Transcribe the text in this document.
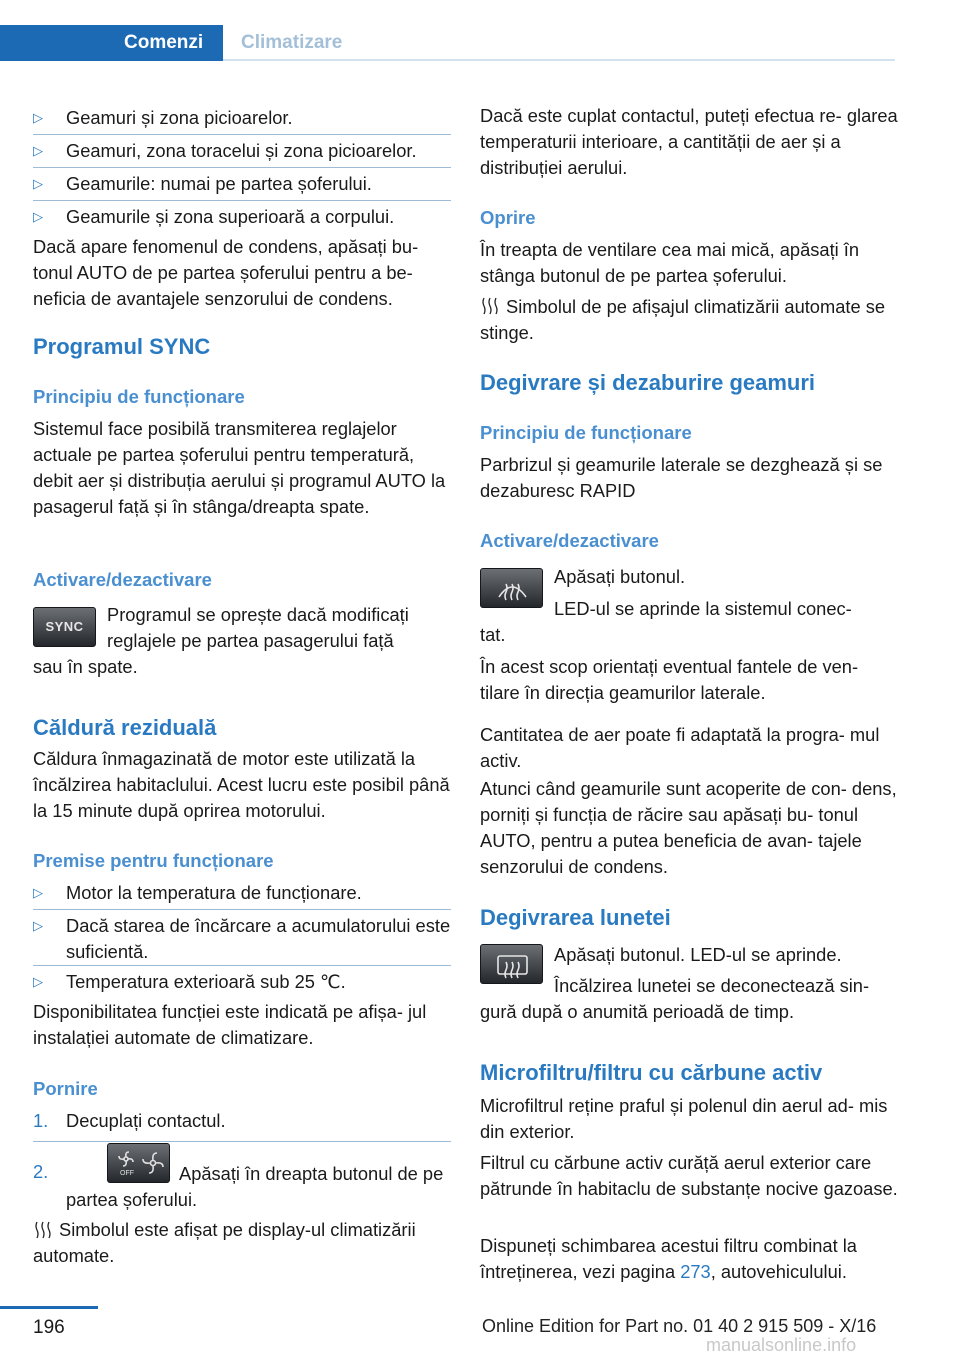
Comenzi	Climatizare
▷ Geamuri și zona picioarelor.
▷ Geamuri, zona toracelui și zona picioarelor.
▷ Geamurile: numai pe partea șoferului.
▷ Geamurile și zona superioară a corpului.
Dacă apare fenomenul de condens, apăsați bu- tonul AUTO de pe partea șoferului pentru a be- neficia de avantajele senzorului de condens.
Programul SYNC
Principiu de funcționare
Sistemul face posibilă transmiterea reglajelor actuale pe partea șoferului pentru temperatură, debit aer și distribuția aerului și programul AUTO la pasagerul față și în stânga/dreapta spate.
Activare/dezactivare
SYNC
Programul se oprește dacă modificați reglajele pe partea pasagerului față
sau în spate.
Căldură reziduală
Căldura înmagazinată de motor este utilizată la încălzirea habitaclului. Acest lucru este posibil până la 15 minute după oprirea motorului.
Premise pentru funcționare
▷ Motor la temperatura de funcționare.
▷ Dacă starea de încărcare a acumulatorului este suficientă.
▷ Temperatura exterioară sub 25 ℃.
Disponibilitatea funcției este indicată pe afișa- jul instalației automate de climatizare.
Pornire
1. Decuplați contactul.
2.	OFF Apăsați în dreapta butonul de pe
partea șoferului.
Simbolul este afișat pe display-ul climatizării automate.
Dacă este cuplat contactul, puteți efectua re- glarea temperaturii interioare, a cantității de aer și a distribuției aerului.
Oprire
În treapta de ventilare cea mai mică, apăsați în stânga butonul de pe partea șoferului.
Simbolul de pe afișajul climatizării automate se stinge.
Degivrare și dezaburire geamuri
Principiu de funcționare
Parbrizul și geamurile laterale se dezghează și se dezaburesc RAPID
Activare/dezactivare
Apăsați butonul.
LED-ul se aprinde la sistemul conec-
tat.
În acest scop orientați eventual fantele de ven- tilare în direcția geamurilor laterale.
Cantitatea de aer poate fi adaptată la progra- mul activ.
Atunci când geamurile sunt acoperite de con- dens, porniți și funcția de răcire sau apăsați bu- tonul AUTO, pentru a putea beneficia de avan- tajele senzorului de condens.
Degivrarea lunetei
Apăsați butonul. LED-ul se aprinde.
Încălzirea lunetei se deconectează sin-
gură după o anumită perioadă de timp.
Microfiltru/filtru cu cărbune activ
Microfiltrul reține praful și polenul din aerul ad- mis din exterior.
Filtrul cu cărbune activ curăță aerul exterior care pătrunde în habitaclu de substanțe nocive gazoase.
Dispuneți schimbarea acestui filtru combinat la întreținerea, vezi pagina 273, autovehiculului.
196	Online Edition for Part no. 01 40 2 915 509 - X/16
manualsonline.info
